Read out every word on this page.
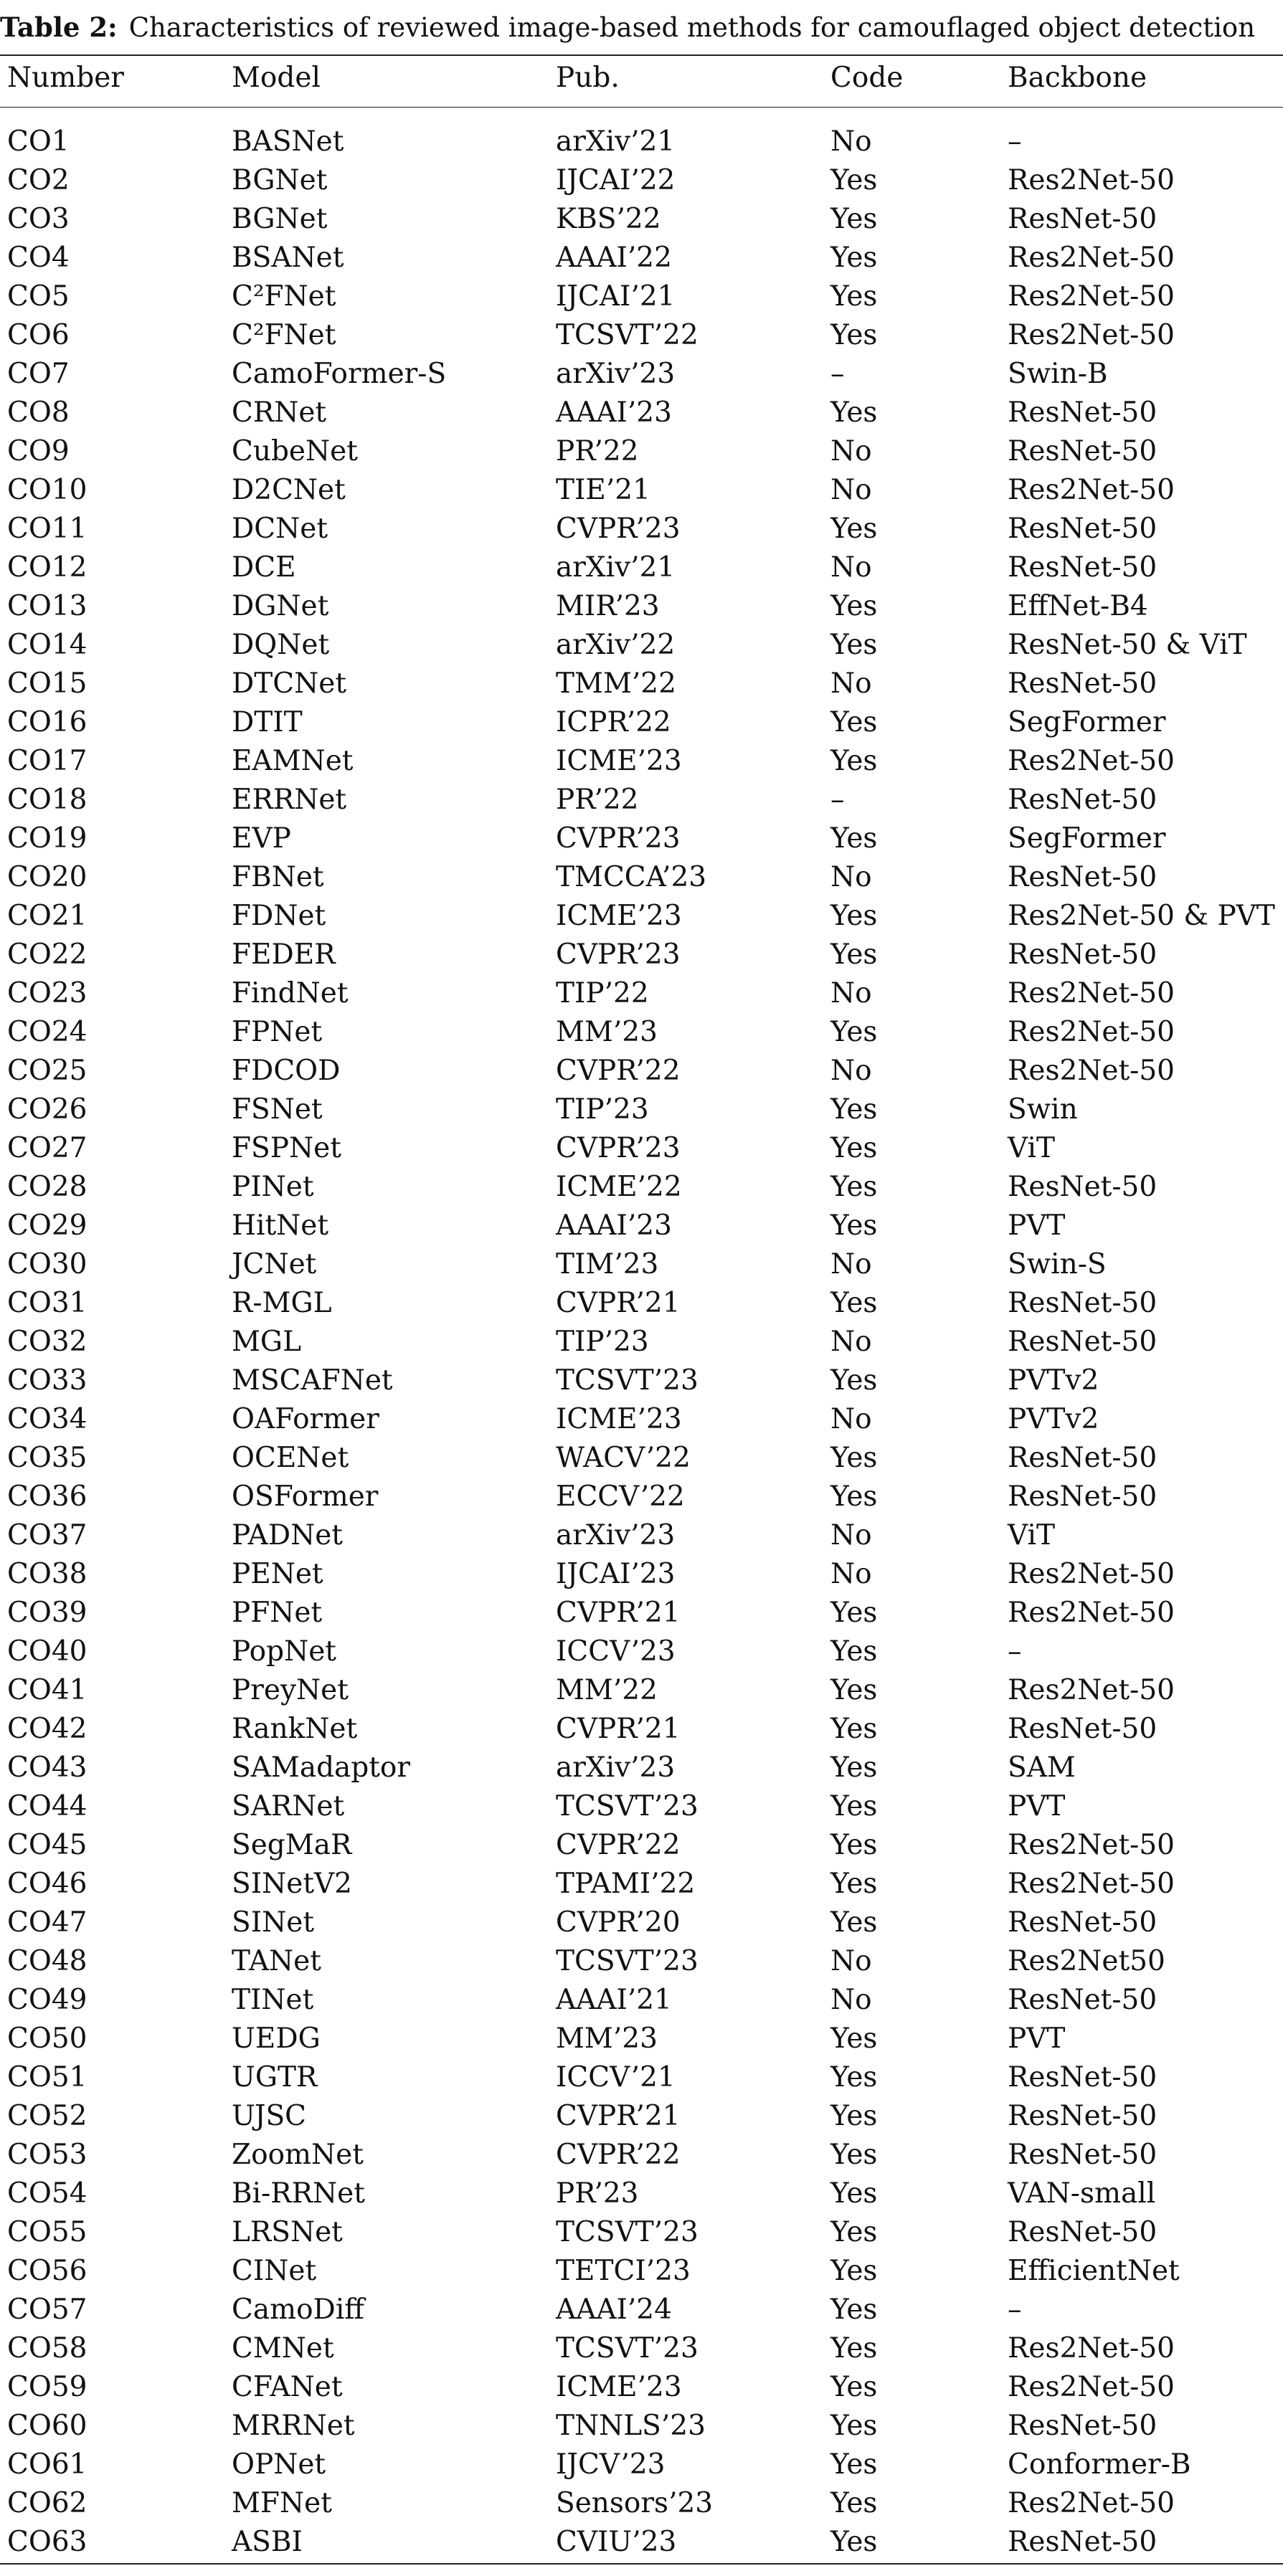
Table 2: Characteristics of reviewed image-based methods for camouflaged object detection
Number	Model	Pub.	Code	Backbone
CO1	BASNet	arXiv’21	No	–
CO2	BGNet	IJCAI’22	Yes	Res2Net-50
CO3	BGNet	KBS’22	Yes	ResNet-50
CO4	BSANet	AAAI’22	Yes	Res2Net-50
CO5	C²FNet	IJCAI’21	Yes	Res2Net-50
CO6	C²FNet	TCSVT’22	Yes	Res2Net-50
CO7	CamoFormer-S	arXiv’23	–	Swin-B
CO8	CRNet	AAAI’23	Yes	ResNet-50
CO9	CubeNet	PR’22	No	ResNet-50
CO10	D2CNet	TIE’21	No	Res2Net-50
CO11	DCNet	CVPR’23	Yes	ResNet-50
CO12	DCE	arXiv’21	No	ResNet-50
CO13	DGNet	MIR’23	Yes	EffNet-B4
CO14	DQNet	arXiv’22	Yes	ResNet-50 & ViT
CO15	DTCNet	TMM’22	No	ResNet-50
CO16	DTIT	ICPR’22	Yes	SegFormer
CO17	EAMNet	ICME’23	Yes	Res2Net-50
CO18	ERRNet	PR’22	–	ResNet-50
CO19	EVP	CVPR’23	Yes	SegFormer
CO20	FBNet	TMCCA’23	No	ResNet-50
CO21	FDNet	ICME’23	Yes	Res2Net-50 & PVT
CO22	FEDER	CVPR’23	Yes	ResNet-50
CO23	FindNet	TIP’22	No	Res2Net-50
CO24	FPNet	MM’23	Yes	Res2Net-50
CO25	FDCOD	CVPR’22	No	Res2Net-50
CO26	FSNet	TIP’23	Yes	Swin
CO27	FSPNet	CVPR’23	Yes	ViT
CO28	PINet	ICME’22	Yes	ResNet-50
CO29	HitNet	AAAI’23	Yes	PVT
CO30	JCNet	TIM’23	No	Swin-S
CO31	R-MGL	CVPR’21	Yes	ResNet-50
CO32	MGL	TIP’23	No	ResNet-50
CO33	MSCAFNet	TCSVT’23	Yes	PVTv2
CO34	OAFormer	ICME’23	No	PVTv2
CO35	OCENet	WACV’22	Yes	ResNet-50
CO36	OSFormer	ECCV’22	Yes	ResNet-50
CO37	PADNet	arXiv’23	No	ViT
CO38	PENet	IJCAI’23	No	Res2Net-50
CO39	PFNet	CVPR’21	Yes	Res2Net-50
CO40	PopNet	ICCV’23	Yes	–
CO41	PreyNet	MM’22	Yes	Res2Net-50
CO42	RankNet	CVPR’21	Yes	ResNet-50
CO43	SAMadaptor	arXiv’23	Yes	SAM
CO44	SARNet	TCSVT’23	Yes	PVT
CO45	SegMaR	CVPR’22	Yes	Res2Net-50
CO46	SINetV2	TPAMI’22	Yes	Res2Net-50
CO47	SINet	CVPR’20	Yes	ResNet-50
CO48	TANet	TCSVT’23	No	Res2Net50
CO49	TINet	AAAI’21	No	ResNet-50
CO50	UEDG	MM’23	Yes	PVT
CO51	UGTR	ICCV’21	Yes	ResNet-50
CO52	UJSC	CVPR’21	Yes	ResNet-50
CO53	ZoomNet	CVPR’22	Yes	ResNet-50
CO54	Bi-RRNet	PR’23	Yes	VAN-small
CO55	LRSNet	TCSVT’23	Yes	ResNet-50
CO56	CINet	TETCI’23	Yes	EfficientNet
CO57	CamoDiff	AAAI’24	Yes	–
CO58	CMNet	TCSVT’23	Yes	Res2Net-50
CO59	CFANet	ICME’23	Yes	Res2Net-50
CO60	MRRNet	TNNLS’23	Yes	ResNet-50
CO61	OPNet	IJCV’23	Yes	Conformer-B
CO62	MFNet	Sensors’23	Yes	Res2Net-50
CO63	ASBI	CVIU’23	Yes	ResNet-50
